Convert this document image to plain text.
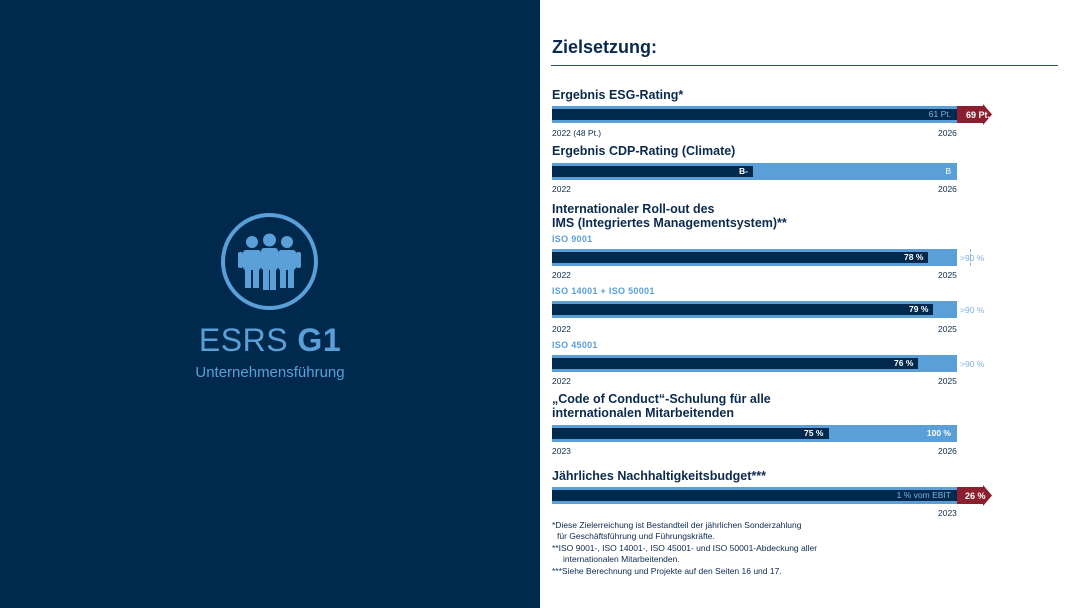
ESRS G1
Unternehmensführung
Zielsetzung:
Ergebnis ESG-Rating*
61 Pt. 69 Pt.
2022 (48 Pt.)	2026
Ergebnis CDP-Rating (Climate)
B-	B
2022	2026
Internationaler Roll-out des
IMS (Integriertes Managementsystem)**
ISO 9001
78 %	>90 %
2022	2025
ISO 14001 + ISO 50001
79 %	>90 %
2022	2025
ISO 45001
76 %	>90 %
2022	2025
„Code of Conduct“-Schulung für alle
internationalen Mitarbeitenden
75 %	100 %
2023	2026
Jährliches Nachhaltigkeitsbudget***
1 % vom EBIT 26 %
2023
*Diese Zielerreichung ist Bestandteil der jährlichen Sonderzahlung
für Geschäftsführung und Führungskräfte.
**ISO 9001-, ISO 14001-, ISO 45001- und ISO 50001-Abdeckung aller
internationalen Mitarbeitenden.
***Siehe Berechnung und Projekte auf den Seiten 16 und 17.
